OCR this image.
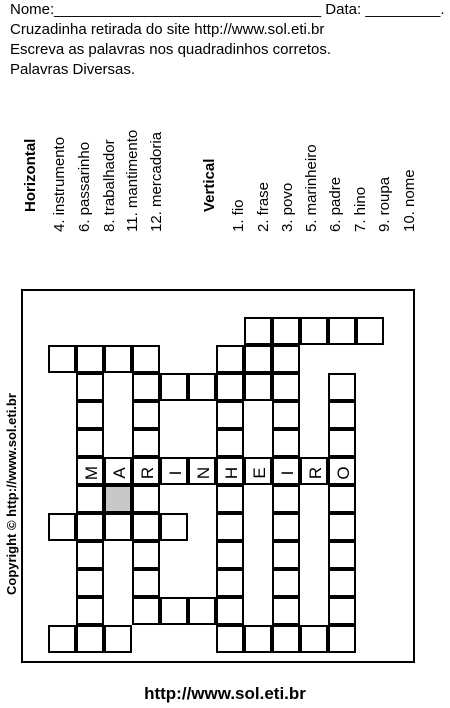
Nome:________________________________ Data: _________.
Cruzadinha retirada do site http://www.sol.eti.br
Escreva as palavras nos quadradinhos corretos.
Palavras Diversas.
Horizontal 4. instrumento 6. passarinho 8. trabalhador 11. mantimento 12. mercadoria Vertical
1. fio 2. frase 3. povo 5. marinheiro 6. padre 7. hino 9. roupa 10. nome
M A R I N H E I R O
Copyright © http://www.sol.eti.br
http://www.sol.eti.br
